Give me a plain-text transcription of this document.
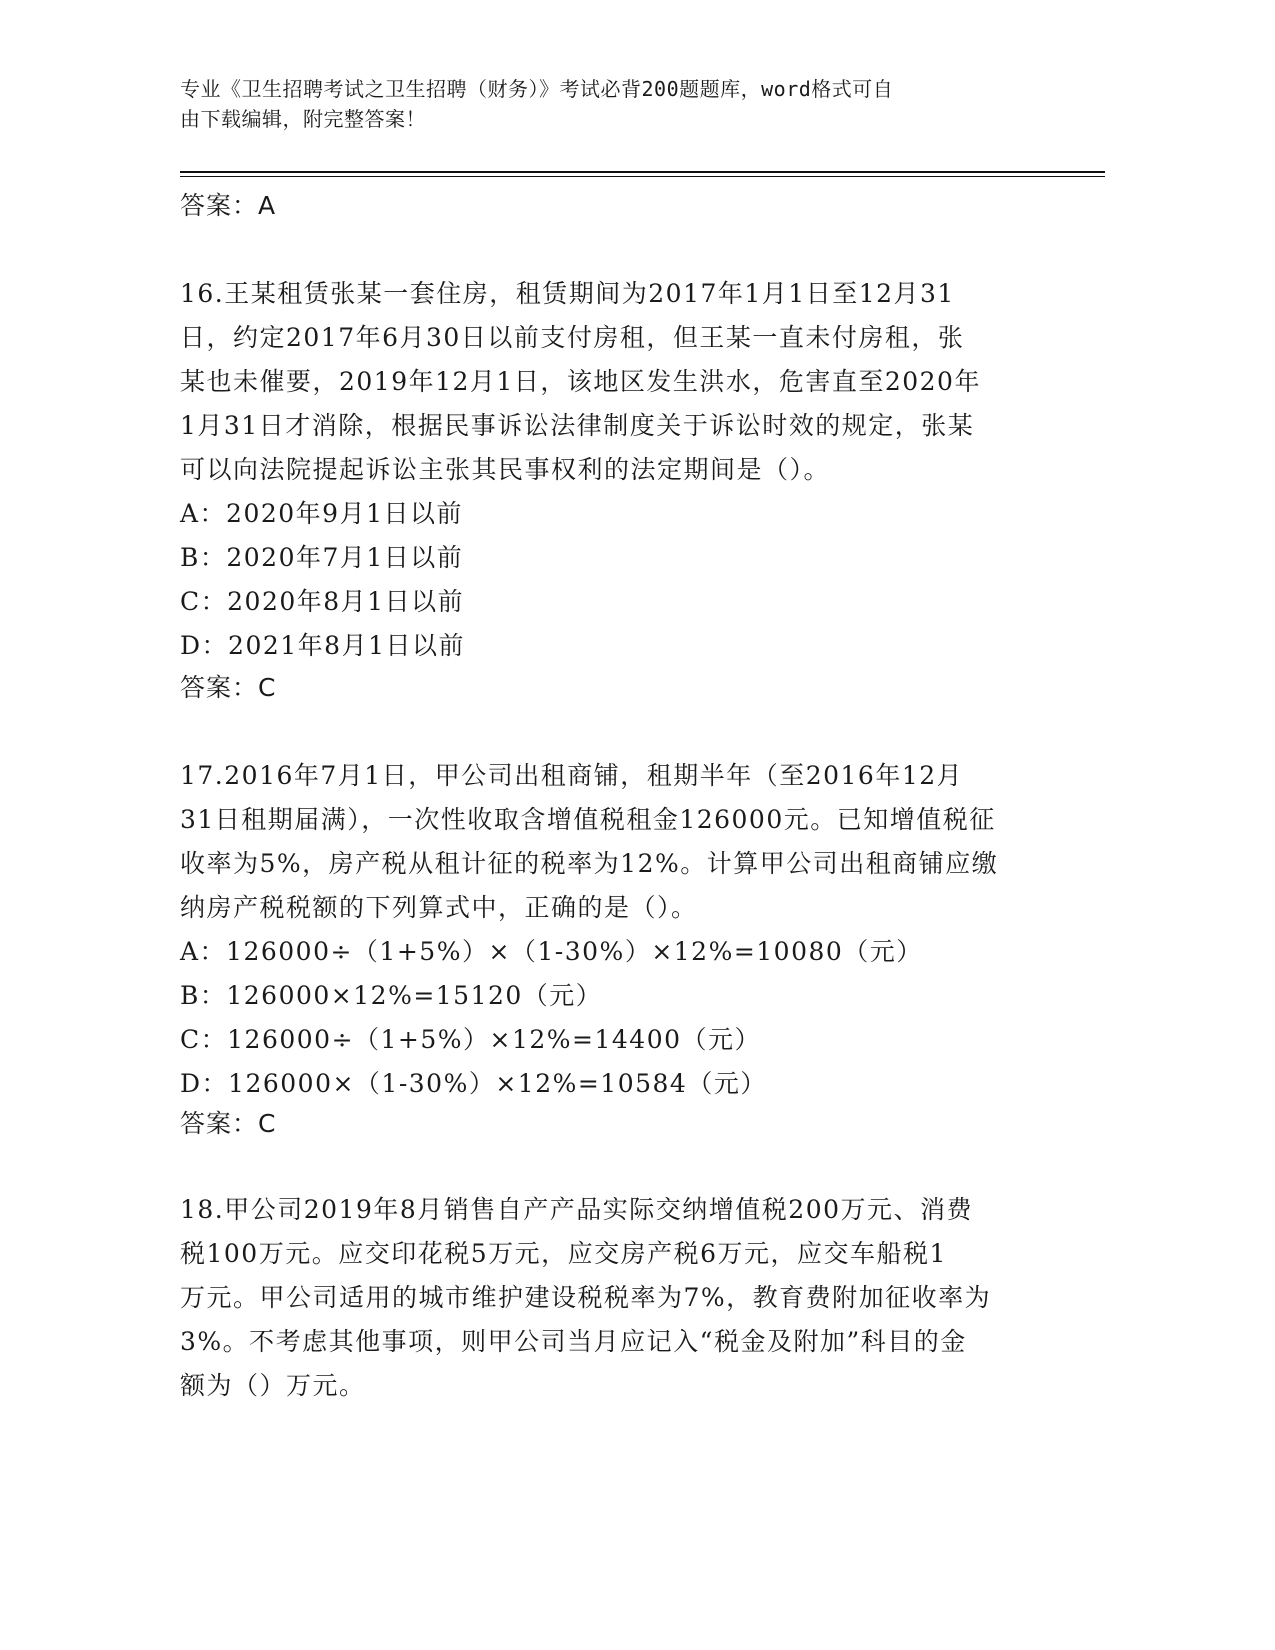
专业《卫生招聘考试之卫生招聘（财务）》考试必背200题题库，word格式可自
由下载编辑，附完整答案！
答案：A
16.王某租赁张某一套住房，租赁期间为2017年1月1日至12月31
日，约定2017年6月30日以前支付房租，但王某一直未付房租，张
某也未催要，2019年12月1日，该地区发生洪水，危害直至2020年
1月31日才消除，根据民事诉讼法律制度关于诉讼时效的规定，张某
可以向法院提起诉讼主张其民事权利的法定期间是（）。
A：2020年9月1日以前
B：2020年7月1日以前
C：2020年8月1日以前
D：2021年8月1日以前
答案：C
17.2016年7月1日，甲公司出租商铺，租期半年（至2016年12月
31日租期届满），一次性收取含增值税租金126000元。已知增值税征
收率为5%，房产税从租计征的税率为12%。计算甲公司出租商铺应缴
纳房产税税额的下列算式中，正确的是（）。
A：126000÷（1+5%）×（1-30%）×12%=10080（元）
B：126000×12%=15120（元）
C：126000÷（1+5%）×12%=14400（元）
D：126000×（1-30%）×12%=10584（元）
答案：C
18.甲公司2019年8月销售自产产品实际交纳增值税200万元、消费
税100万元。应交印花税5万元，应交房产税6万元，应交车船税1
万元。甲公司适用的城市维护建设税税率为7%，教育费附加征收率为
3%。不考虑其他事项，则甲公司当月应记入“税金及附加”科目的金
额为（）万元。
